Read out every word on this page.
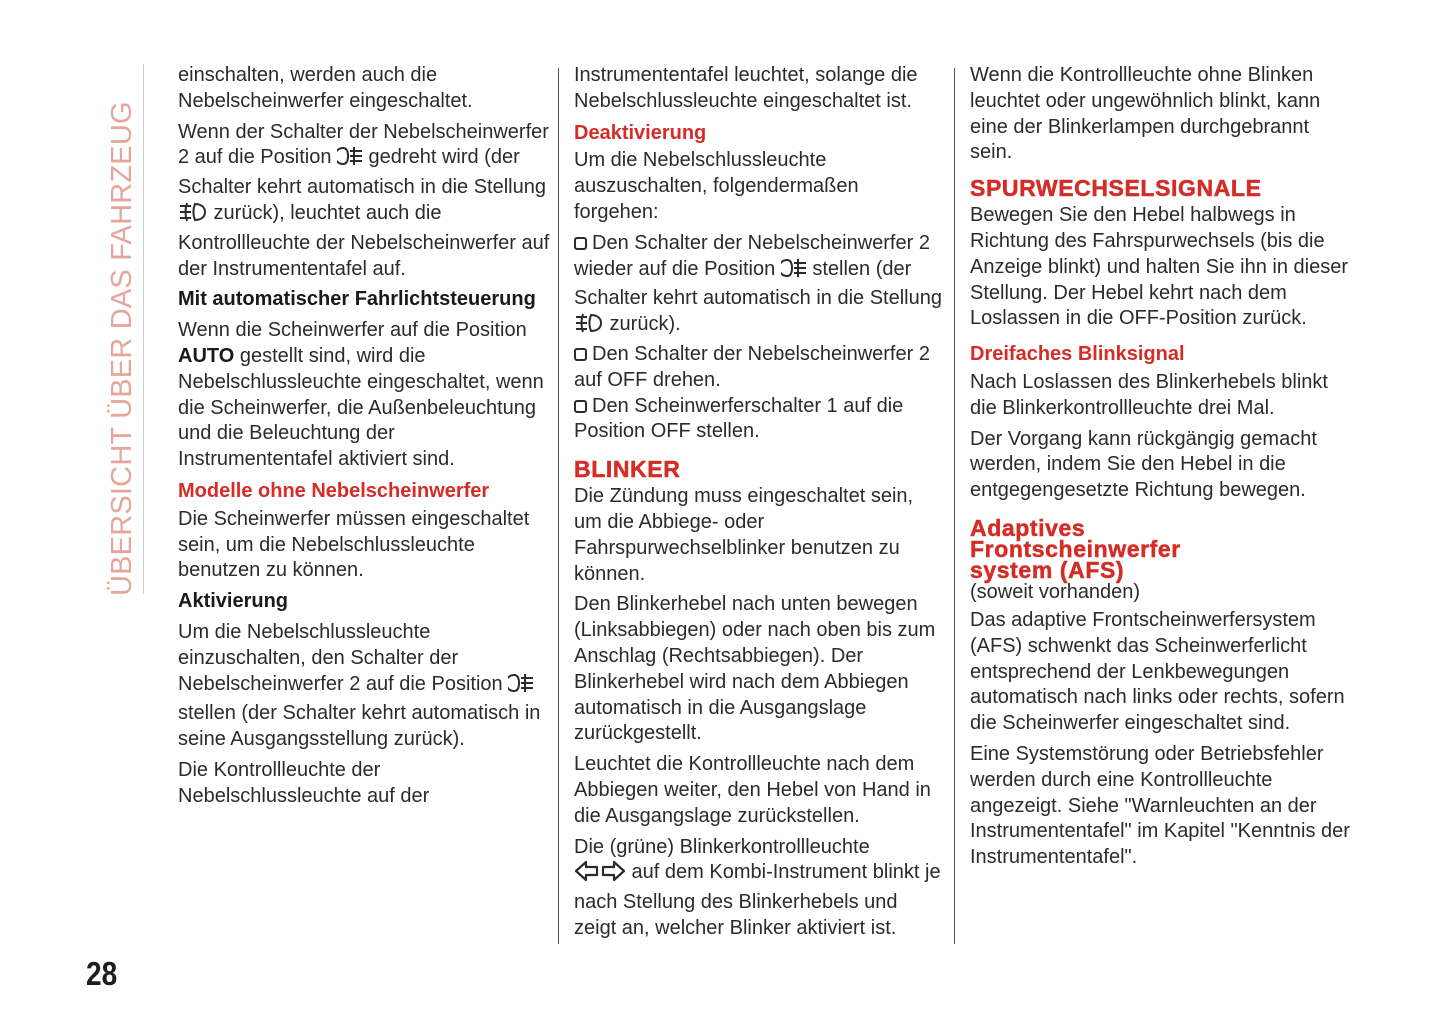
ÜBERSICHT ÜBER DAS FAHRZEUG
28

einschalten, werden auch die Nebelscheinwerfer eingeschaltet.

Wenn der Schalter der Nebelscheinwerfer 2 auf die Position  gedreht wird (der Schalter kehrt automatisch in die Stellung  zurück), leuchtet auch die Kontrollleuchte der Nebelscheinwerfer auf der Instrumententafel auf.

Mit automatischer Fahrlichtsteuerung

Wenn die Scheinwerfer auf die Position AUTO gestellt sind, wird die Nebelschlussleuchte eingeschaltet, wenn die Scheinwerfer, die Außenbeleuchtung und die Beleuchtung der Instrumententafel aktiviert sind.

Modelle ohne Nebelscheinwerfer

Die Scheinwerfer müssen eingeschaltet sein, um die Nebelschlussleuchte benutzen zu können.

Aktivierung

Um die Nebelschlussleuchte einzuschalten, den Schalter der Nebelscheinwerfer 2 auf die Position  stellen (der Schalter kehrt automatisch in seine Ausgangsstellung zurück).

Die Kontrollleuchte der Nebelschlussleuchte auf der

Instrumententafel leuchtet, solange die Nebelschlussleuchte eingeschaltet ist.

Deaktivierung

Um die Nebelschlussleuchte auszuschalten, folgendermaßen forgehen:

Den Schalter der Nebelscheinwerfer 2 wieder auf die Position  stellen (der Schalter kehrt automatisch in die Stellung  zurück).

Den Schalter der Nebelscheinwerfer 2 auf OFF drehen.

Den Scheinwerferschalter 1 auf die Position OFF stellen.

BLINKER

Die Zündung muss eingeschaltet sein, um die Abbiege- oder Fahrspurwechselblinker benutzen zu können.

Den Blinkerhebel nach unten bewegen (Linksabbiegen) oder nach oben bis zum Anschlag (Rechtsabbiegen). Der Blinkerhebel wird nach dem Abbiegen automatisch in die Ausgangslage zurückgestellt.

Leuchtet die Kontrollleuchte nach dem Abbiegen weiter, den Hebel von Hand in die Ausgangslage zurückstellen.

Die (grüne) Blinkerkontrollleuchte
auf dem Kombi-Instrument blinkt je nach Stellung des Blinkerhebels und zeigt an, welcher Blinker aktiviert ist.

Wenn die Kontrollleuchte ohne Blinken leuchtet oder ungewöhnlich blinkt, kann eine der Blinkerlampen durchgebrannt sein.

SPURWECHSELSIGNALE

Bewegen Sie den Hebel halbwegs in Richtung des Fahrspurwechsels (bis die Anzeige blinkt) und halten Sie ihn in dieser Stellung. Der Hebel kehrt nach dem Loslassen in die OFF-Position zurück.

Dreifaches Blinksignal

Nach Loslassen des Blinkerhebels blinkt die Blinkerkontrollleuchte drei Mal.

Der Vorgang kann rückgängig gemacht werden, indem Sie den Hebel in die entgegengesetzte Richtung bewegen.

Adaptives
Frontscheinwerfer
system (AFS)

(soweit vorhanden)

Das adaptive Frontscheinwerfersystem (AFS) schwenkt das Scheinwerferlicht entsprechend der Lenkbewegungen automatisch nach links oder rechts, sofern die Scheinwerfer eingeschaltet sind.

Eine Systemstörung oder Betriebsfehler werden durch eine Kontrollleuchte angezeigt. Siehe "Warnleuchten an der Instrumententafel" im Kapitel "Kenntnis der Instrumententafel".
